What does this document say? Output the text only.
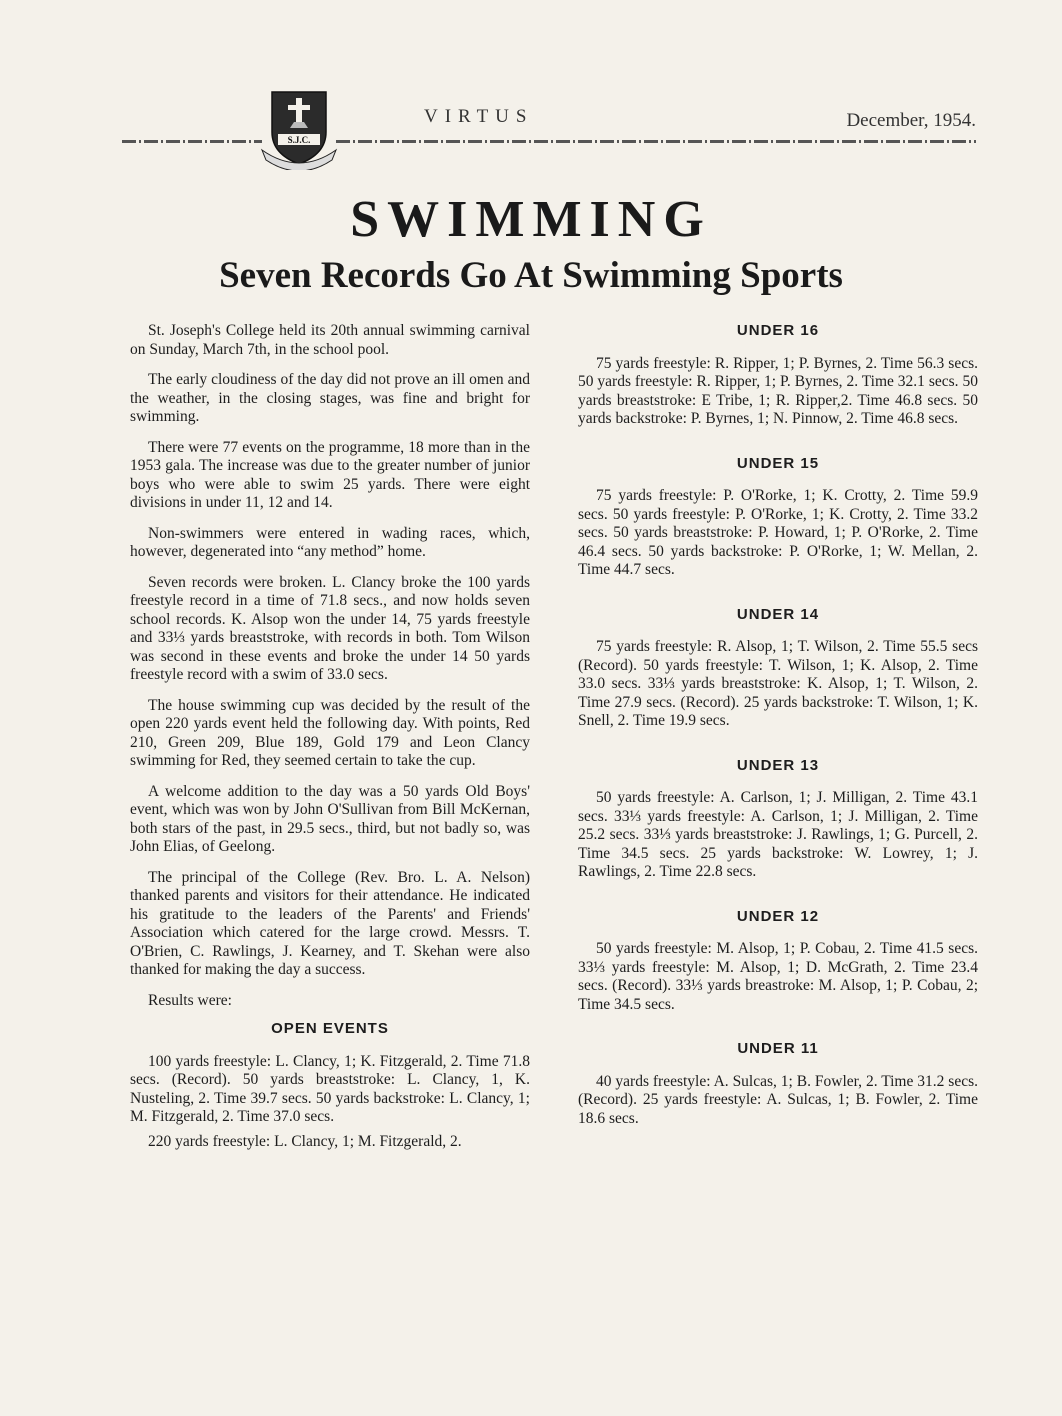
S.J.C.
VIRTUS	December, 1954.
SWIMMING
Seven Records Go At Swimming Sports

St. Joseph's College held its 20th annual swimming carnival on Sunday, March 7th, in the school pool.

The early cloudiness of the day did not prove an ill omen and the weather, in the closing stages, was fine and bright for swimming.

There were 77 events on the programme, 18 more than in the 1953 gala. The increase was due to the greater number of junior boys who were able to swim 25 yards. There were eight divisions in under 11, 12 and 14.

Non-swimmers were entered in wading races, which, however, degenerated into “any method” home.

Seven records were broken. L. Clancy broke the 100 yards freestyle record in a time of 71.8 secs., and now holds seven school records. K. Alsop won the under 14, 75 yards freestyle and 33⅓ yards breaststroke, with records in both. Tom Wilson was second in these events and broke the under 14 50 yards freestyle record with a swim of 33.0 secs.

The house swimming cup was decided by the result of the open 220 yards event held the following day. With points, Red 210, Green 209, Blue 189, Gold 179 and Leon Clancy swimming for Red, they seemed certain to take the cup.

A welcome addition to the day was a 50 yards Old Boys' event, which was won by John O'Sullivan from Bill McKernan, both stars of the past, in 29.5 secs., third, but not badly so, was John Elias, of Geelong.

The principal of the College (Rev. Bro. L. A. Nelson) thanked parents and visitors for their attendance. He indicated his gratitude to the leaders of the Parents' and Friends' Association which catered for the large crowd. Messrs. T. O'Brien, C. Rawlings, J. Kearney, and T. Skehan were also thanked for making the day a success.

Results were:

OPEN EVENTS

100 yards freestyle: L. Clancy, 1; K. Fitzgerald, 2. Time 71.8 secs. (Record). 50 yards breaststroke: L. Clancy, 1, K. Nusteling, 2. Time 39.7 secs. 50 yards backstroke: L. Clancy, 1; M. Fitzgerald, 2. Time 37.0 secs.

220 yards freestyle: L. Clancy, 1; M. Fitzgerald, 2.

UNDER 16

75 yards freestyle: R. Ripper, 1; P. Byrnes, 2. Time 56.3 secs. 50 yards freestyle: R. Ripper, 1; P. Byrnes, 2. Time 32.1 secs. 50 yards breaststroke: E Tribe, 1; R. Ripper,2. Time 46.8 secs. 50 yards backstroke: P. Byrnes, 1; N. Pinnow, 2. Time 46.8 secs.

UNDER 15

75 yards freestyle: P. O'Rorke, 1; K. Crotty, 2. Time 59.9 secs. 50 yards freestyle: P. O'Rorke, 1; K. Crotty, 2. Time 33.2 secs. 50 yards breaststroke: P. Howard, 1; P. O'Rorke, 2. Time 46.4 secs. 50 yards backstroke: P. O'Rorke, 1; W. Mellan, 2. Time 44.7 secs.

UNDER 14

75 yards freestyle: R. Alsop, 1; T. Wilson, 2. Time 55.5 secs (Record). 50 yards freestyle: T. Wilson, 1; K. Alsop, 2. Time 33.0 secs. 33⅓ yards breaststroke: K. Alsop, 1; T. Wilson, 2. Time 27.9 secs. (Record). 25 yards backstroke: T. Wilson, 1; K. Snell, 2. Time 19.9 secs.

UNDER 13

50 yards freestyle: A. Carlson, 1; J. Milligan, 2. Time 43.1 secs. 33⅓ yards freestyle: A. Carlson, 1; J. Milligan, 2. Time 25.2 secs. 33⅓ yards breaststroke: J. Rawlings, 1; G. Purcell, 2. Time 34.5 secs. 25 yards backstroke: W. Lowrey, 1; J. Rawlings, 2. Time 22.8 secs.

UNDER 12

50 yards freestyle: M. Alsop, 1; P. Cobau, 2. Time 41.5 secs. 33⅓ yards freestyle: M. Alsop, 1; D. McGrath, 2. Time 23.4 secs. (Record). 33⅓ yards breastroke: M. Alsop, 1; P. Cobau, 2; Time 34.5 secs.

UNDER 11

40 yards freestyle: A. Sulcas, 1; B. Fowler, 2. Time 31.2 secs. (Record). 25 yards freestyle: A. Sulcas, 1; B. Fowler, 2. Time 18.6 secs.
